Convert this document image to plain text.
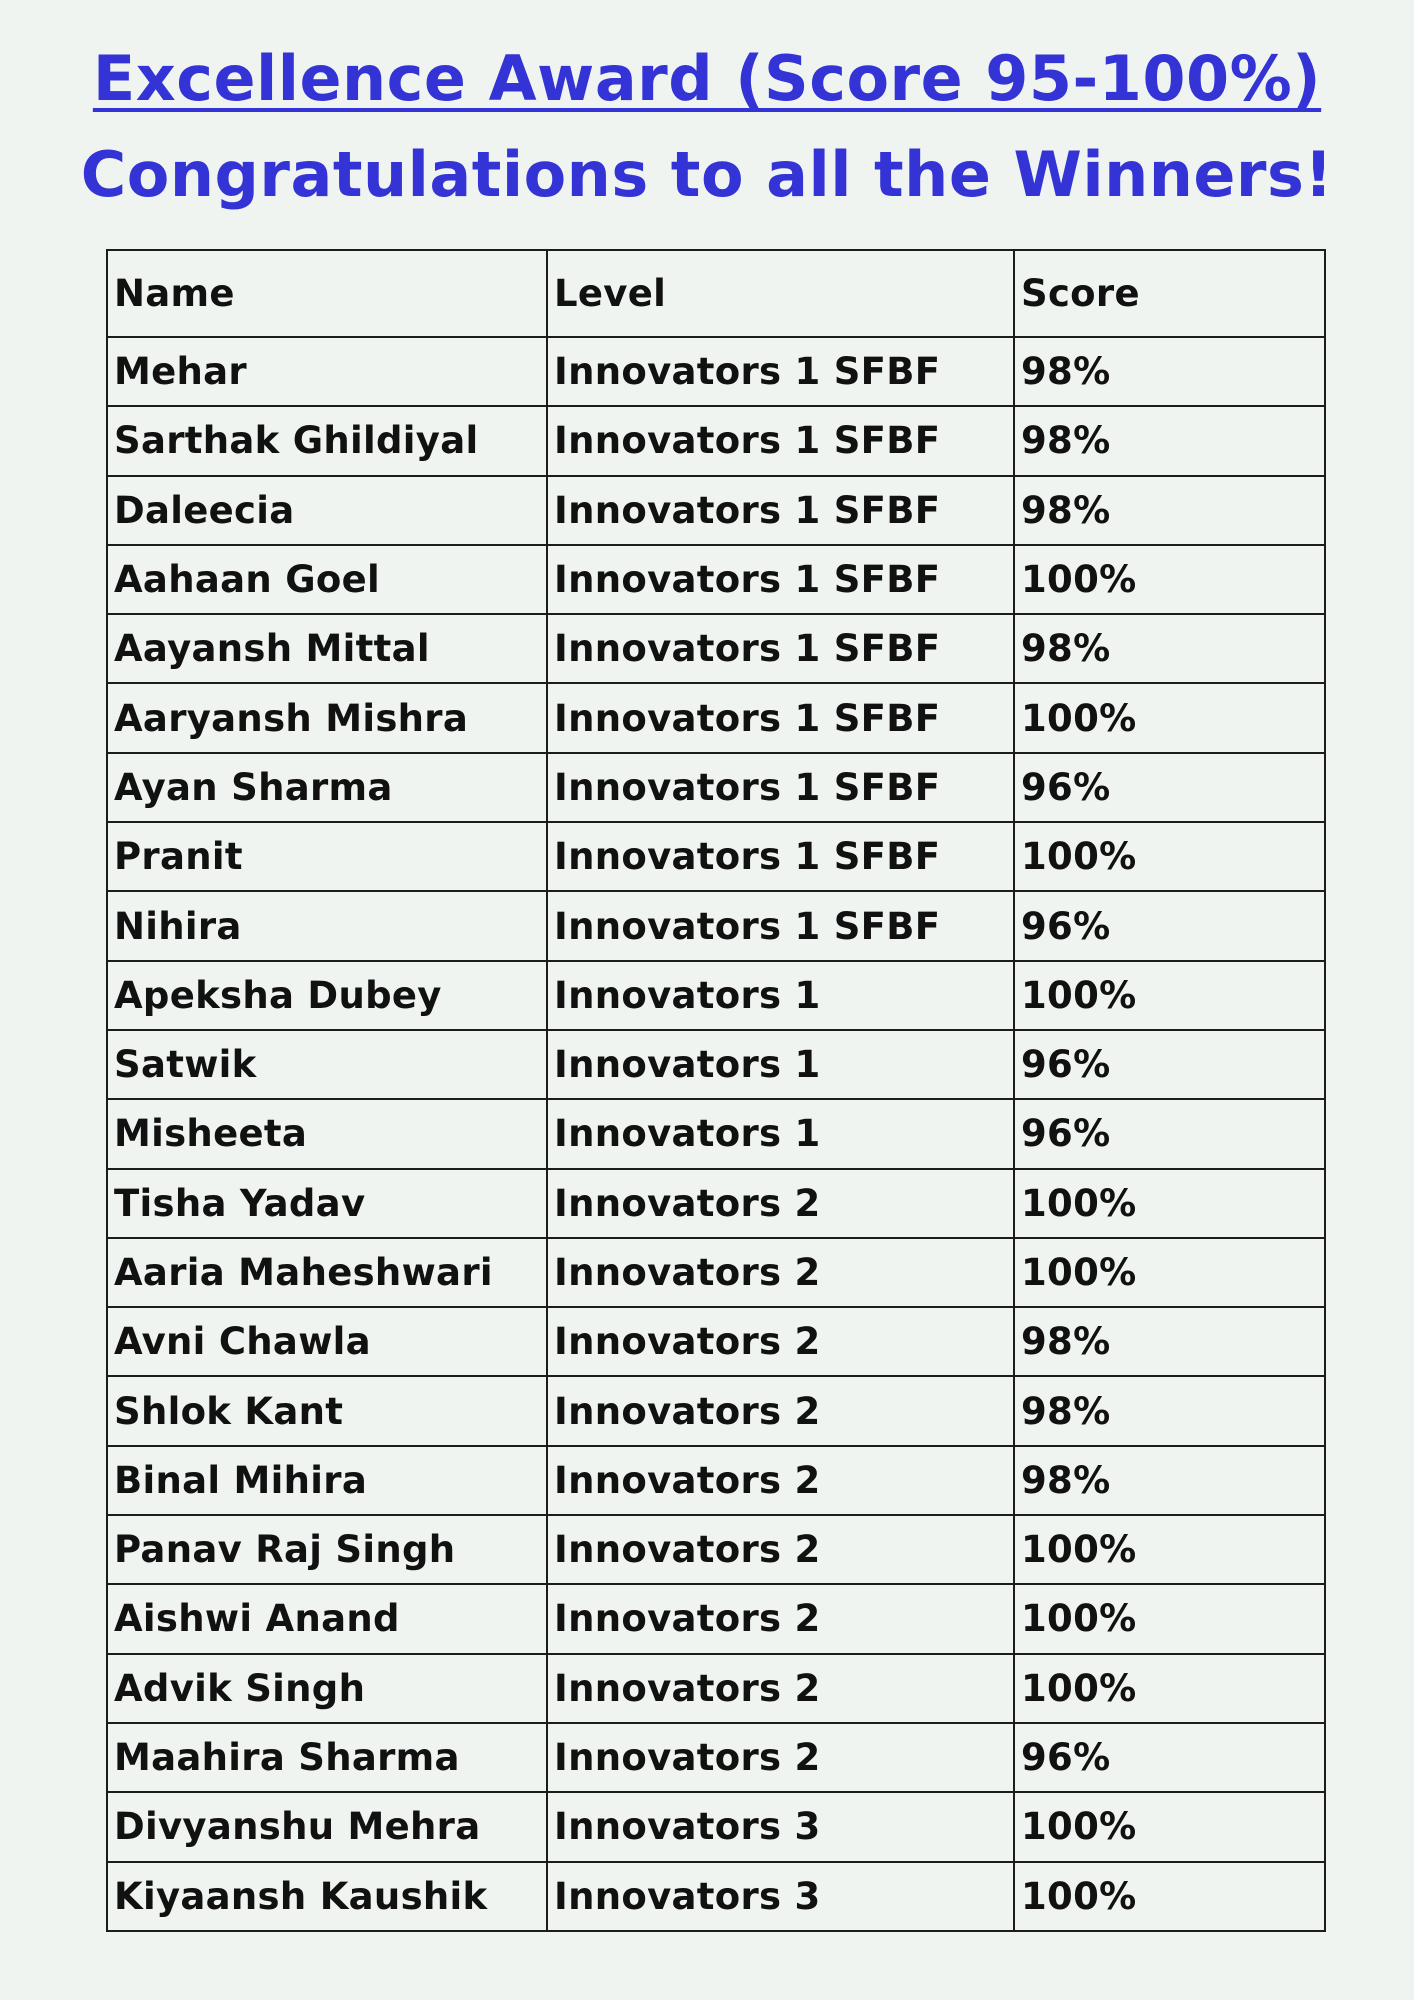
Excellence Award (Score 95-100%)
Congratulations to all the Winners!
Name	Level	Score
Mehar	Innovators 1 SFBF	98%
Sarthak Ghildiyal	Innovators 1 SFBF	98%
Daleecia	Innovators 1 SFBF	98%
Aahaan Goel	Innovators 1 SFBF	100%
Aayansh Mittal	Innovators 1 SFBF	98%
Aaryansh Mishra	Innovators 1 SFBF	100%
Ayan Sharma	Innovators 1 SFBF	96%
Pranit	Innovators 1 SFBF	100%
Nihira	Innovators 1 SFBF	96%
Apeksha Dubey	Innovators 1	100%
Satwik	Innovators 1	96%
Misheeta	Innovators 1	96%
Tisha Yadav	Innovators 2	100%
Aaria Maheshwari	Innovators 2	100%
Avni Chawla	Innovators 2	98%
Shlok Kant	Innovators 2	98%
Binal Mihira	Innovators 2	98%
Panav Raj Singh	Innovators 2	100%
Aishwi Anand	Innovators 2	100%
Advik Singh	Innovators 2	100%
Maahira Sharma	Innovators 2	96%
Divyanshu Mehra	Innovators 3	100%
Kiyaansh Kaushik	Innovators 3	100%
